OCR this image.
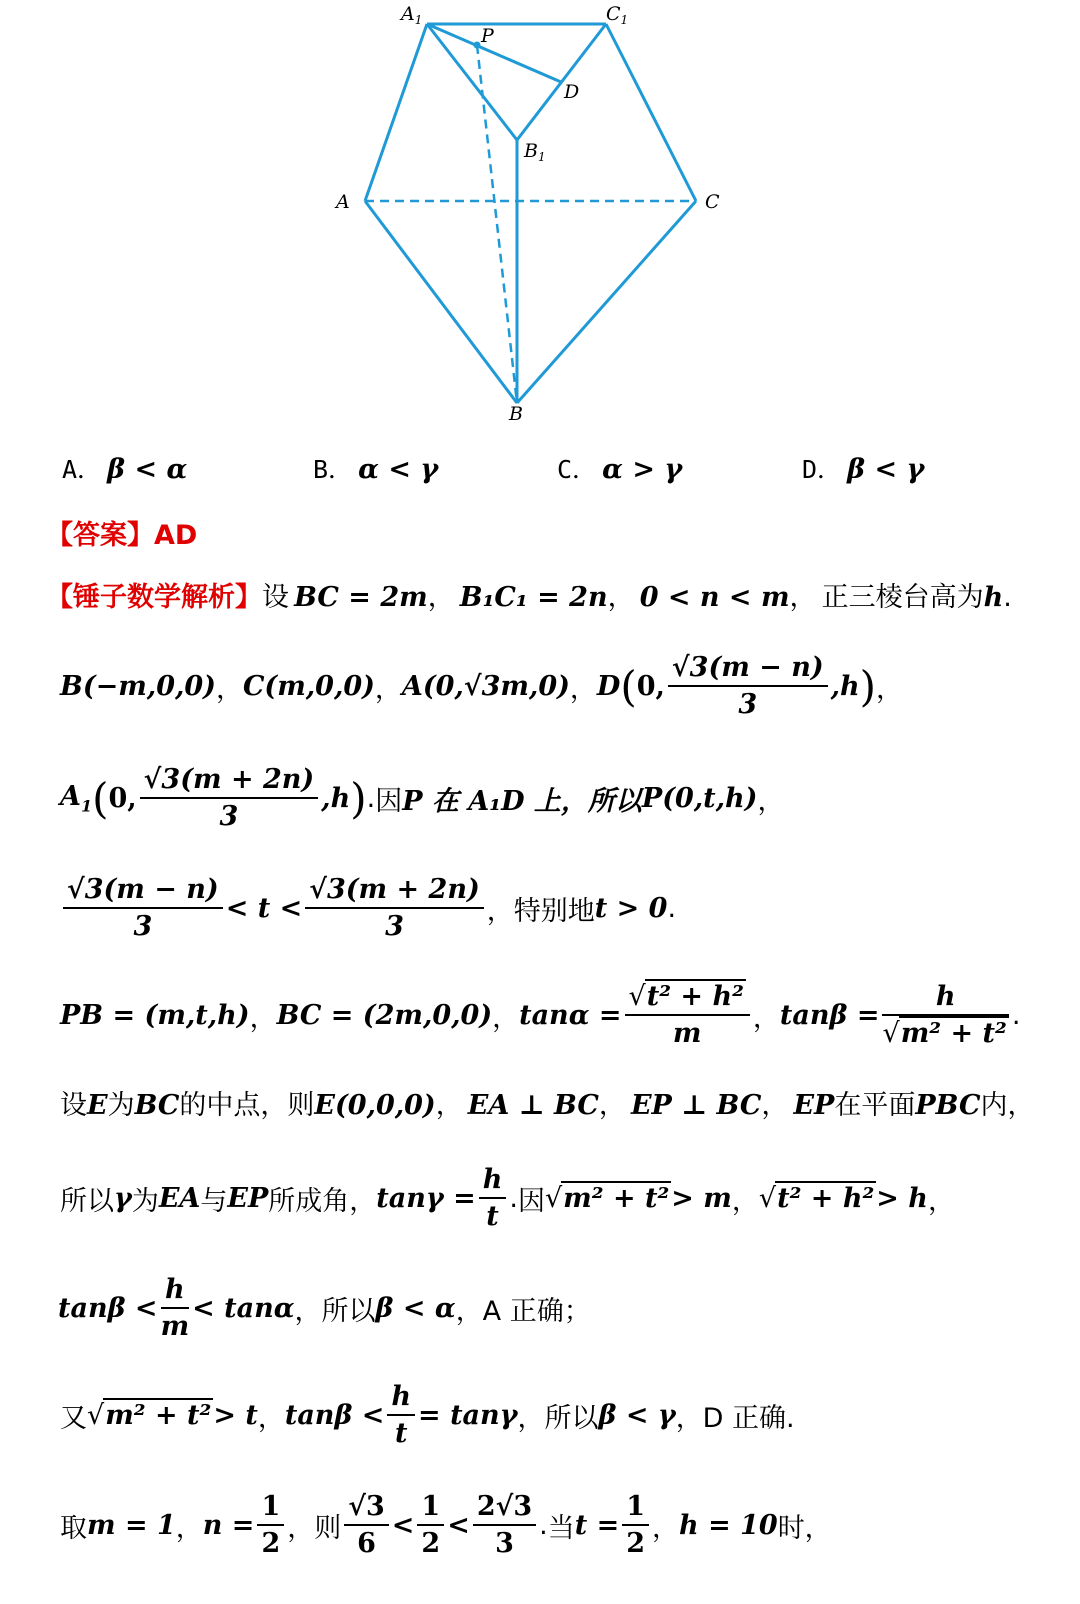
$A_1$	$C_1$
P
D
$B_1$
A	C
B
A． β < α	B． α < γ	C． α > γ	D． β < γ
【答案】AD
【锤子数学解析】设 BC = 2m， B₁C₁ = 2n， 0 < n < m， 正三棱台高为h.
B(−m,0,0) ， C(m,0,0) ， A(0,√3m,0) ， D ( 0, $\frac{√3(m - n)}{3} ,h$ ) ，
$A_1$ ( 0, $\frac{√3(m + 2n)}{3} ,h$ ) . 因 P 在 A₁D 上，所以 P(0,t,h) ，
$\frac{√3(m - n)}{3} < t < \frac{√3(m + 2n)}{3}$ ，特别地 t > 0 .
PB = (m,t,h) ， BC = (2m,0,0) ， $\tan\alpha = \frac{\text{√t² + h²}}{m}$ ， $\tan\beta = \frac{h}{\text{√m² + t²}}$ .
设E为BC的中点，则E(0,0,0)， EA ⊥ BC， EP ⊥ BC， EP在平面PBC内，
所以 γ 为 EA 与 EP 所成角， $\tan\gamma = \frac{h}{t}$ . 因 √m² + t² > m ， √t² + h² > h ，
$\tan\beta < \frac{h}{m} < \tan\alpha$ ，所以 β < α ，A 正确；
又 √m² + t² > t ， $\tan\beta < \frac{h}{t} = \tan\gamma$ ，所以 β < γ ，D 正确.
取 m = 1 ， $n = \frac{1}{2}$ ，则 $\frac{√3}{6} < \frac{1}{2} < \frac{2√3}{3}$ . 当 $t = \frac{1}{2}$ ， h = 10 时，
